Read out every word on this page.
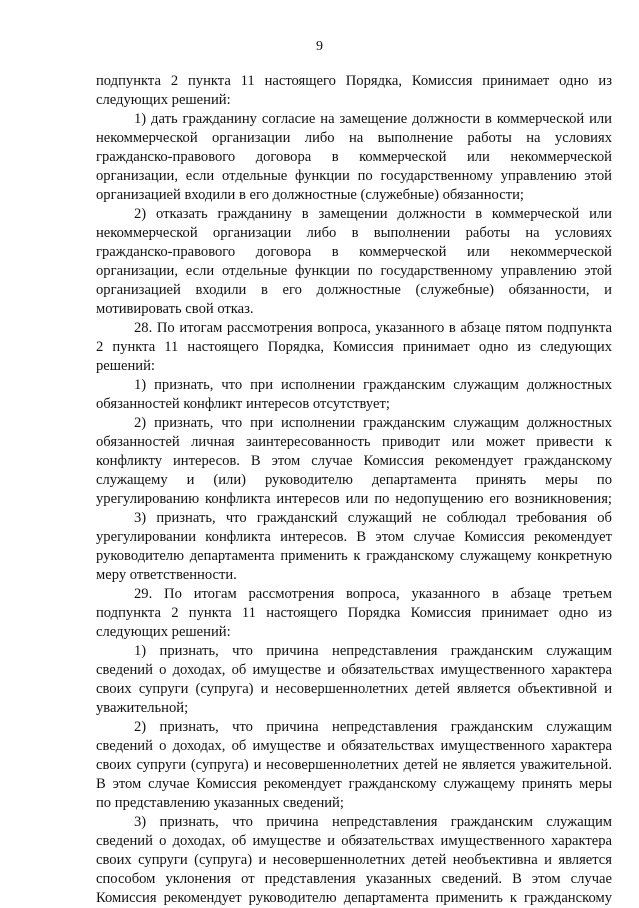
9
подпункта 2 пункта 11 настоящего Порядка, Комиссия принимает одно из
следующих решений:
1) дать гражданину согласие на замещение должности в коммерческой или
некоммерческой организации либо на выполнение работы на условиях
гражданско-правового договора в коммерческой или некоммерческой
организации, если отдельные функции по государственному управлению этой
организацией входили в его должностные (служебные) обязанности;
2) отказать гражданину в замещении должности в коммерческой или
некоммерческой организации либо в выполнении работы на условиях
гражданско-правового договора в коммерческой или некоммерческой
организации, если отдельные функции по государственному управлению этой
организацией входили в его должностные (служебные) обязанности, и
мотивировать свой отказ.
28. По итогам рассмотрения вопроса, указанного в абзаце пятом подпункта
2 пункта 11 настоящего Порядка, Комиссия принимает одно из следующих
решений:
1) признать, что при исполнении гражданским служащим должностных
обязанностей конфликт интересов отсутствует;
2) признать, что при исполнении гражданским служащим должностных
обязанностей личная заинтересованность приводит или может привести к
конфликту интересов. В этом случае Комиссия рекомендует гражданскому
служащему и (или) руководителю департамента принять меры по
урегулированию конфликта интересов или по недопущению его возникновения;
3) признать, что гражданский служащий не соблюдал требования об
урегулировании конфликта интересов. В этом случае Комиссия рекомендует
руководителю департамента применить к гражданскому служащему конкретную
меру ответственности.
29. По итогам рассмотрения вопроса, указанного в абзаце третьем
подпункта 2 пункта 11 настоящего Порядка Комиссия принимает одно из
следующих решений:
1) признать, что причина непредставления гражданским служащим
сведений о доходах, об имуществе и обязательствах имущественного характера
своих супруги (супруга) и несовершеннолетних детей является объективной и
уважительной;
2) признать, что причина непредставления гражданским служащим
сведений о доходах, об имуществе и обязательствах имущественного характера
своих супруги (супруга) и несовершеннолетних детей не является уважительной.
В этом случае Комиссия рекомендует гражданскому служащему принять меры
по представлению указанных сведений;
3) признать, что причина непредставления гражданским служащим
сведений о доходах, об имуществе и обязательствах имущественного характера
своих супруги (супруга) и несовершеннолетних детей необъективна и является
способом уклонения от представления указанных сведений. В этом случае
Комиссия рекомендует руководителю департамента применить к гражданскому
